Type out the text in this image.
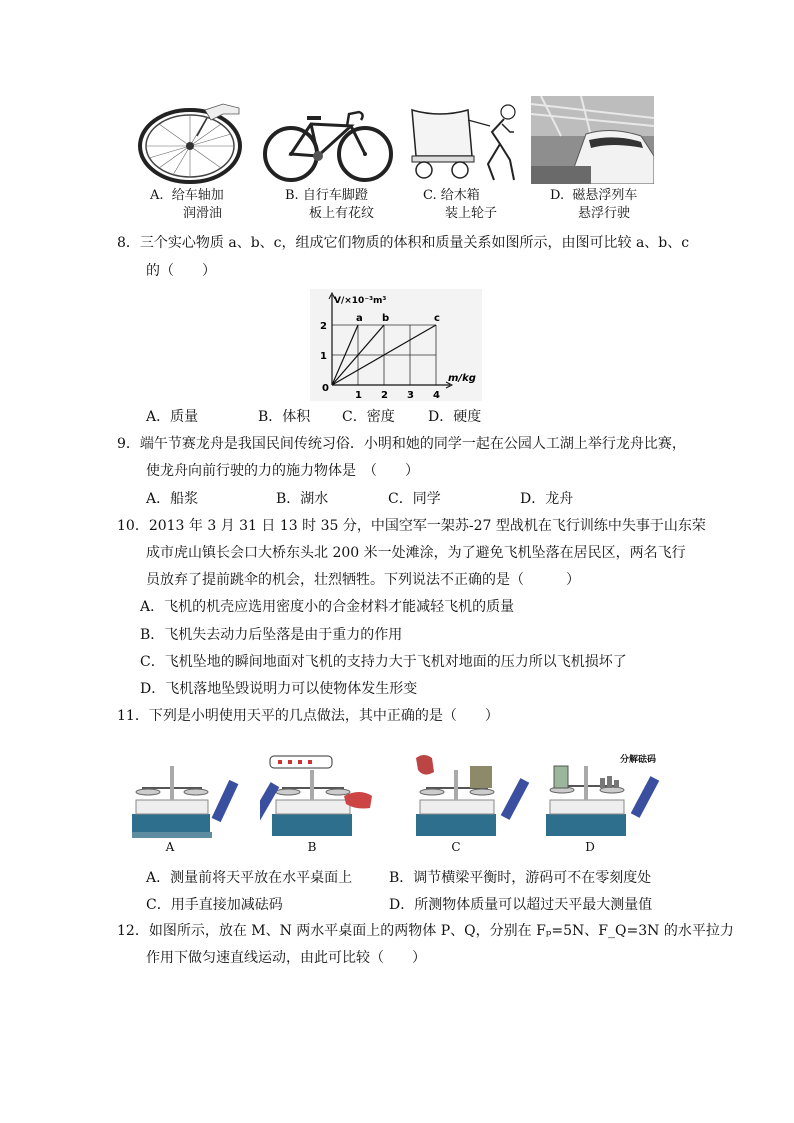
A. 给车轴加
润滑油
B. 自行车脚蹬
板上有花纹
C. 给木箱
装上轮子
D. 磁悬浮列车
悬浮行驶
8．三个实心物质 a、b、c，组成它们物质的体积和质量关系如图所示，由图可比较 a、b、c
的（　　）
a b	c
1 2 3 4
1
2
V/×10⁻³m³
m/kg
0
A．质量	B．体积 C．密度 D．硬度
9．端午节赛龙舟是我国民间传统习俗．小明和她的同学一起在公园人工湖上举行龙舟比赛，
使龙舟向前行驶的力的施力物体是　（　　）
A．船浆	B．湖水	C．同学	D．龙舟
10．2013 年 3 月 31 日 13 时 35 分，中国空军一架苏-27 型战机在飞行训练中失事于山东荣
成市虎山镇长会口大桥东头北 200 米一处滩涂，为了避免飞机坠落在居民区，两名飞行
员放弃了提前跳伞的机会，壮烈牺牲。下列说法不正确的是（　　　）
A．飞机的机壳应选用密度小的合金材料才能减轻飞机的质量
B．飞机失去动力后坠落是由于重力的作用
C．飞机坠地的瞬间地面对飞机的支持力大于飞机对地面的压力所以飞机损坏了
D．飞机落地坠毁说明力可以使物体发生形变
11．下列是小明使用天平的几点做法，其中正确的是（　　）
A	B	C
分解砝码
D
A．测量前将天平放在水平桌面上	B．调节横梁平衡时，游码可不在零刻度处
C．用手直接加减砝码	D．所测物体质量可以超过天平最大测量值
12．如图所示，放在 M、N 两水平桌面上的两物体 P、Q，分别在 Fₚ=5N、F_Q=3N 的水平拉力
作用下做匀速直线运动，由此可比较（　　）
